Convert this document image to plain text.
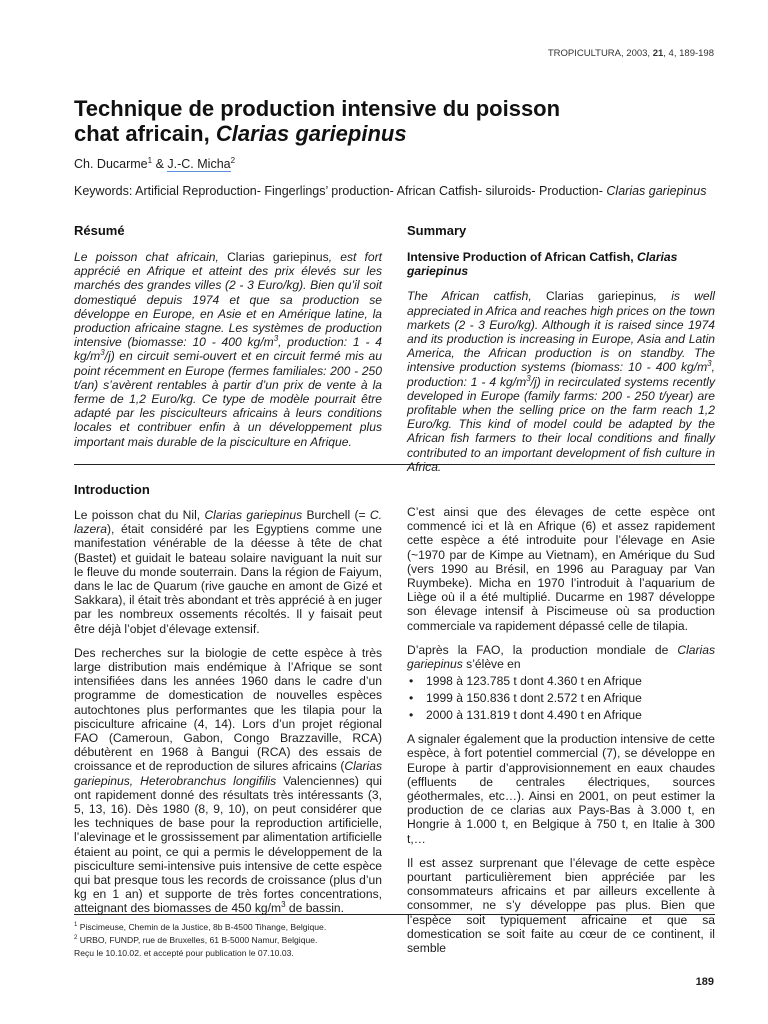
TROPICULTURA, 2003, 21, 4, 189-198
Technique de production intensive du poisson
chat africain, Clarias gariepinus
Ch. Ducarme$^1$ & J.-C. Micha$^2$
Keywords: Artificial Reproduction- Fingerlings’ production- African Catfish- siluroids- Production- Clarias gariepinus
Résumé

Le poisson chat africain, Clarias gariepinus, est fort apprécié en Afrique et atteint des prix élevés sur les marchés des grandes villes (2 - 3 Euro/kg). Bien qu’il soit domestiqué depuis 1974 et que sa production se développe en Europe, en Asie et en Amérique latine, la production africaine stagne. Les systèmes de production intensive (biomasse: 10 - 400 $kg/m^3$, production: 1 - 4 $kg/m^3/j$) en circuit semi-ouvert et en circuit fermé mis au point récemment en Europe (fermes familiales: 200 - 250 t/an) s’avèrent rentables à partir d’un prix de vente à la ferme de 1,2 Euro/kg. Ce type de modèle pourrait être adapté par les pisciculteurs africains à leurs conditions locales et contribuer enfin à un développement plus important mais durable de la pisciculture en Afrique.

Summary
Intensive Production of African Catfish, Clarias gariepinus

The African catfish, Clarias gariepinus, is well appreciated in Africa and reaches high prices on the town markets (2 - 3 Euro/kg). Although it is raised since 1974 and its production is increasing in Europe, Asia and Latin America, the African production is on standby. The intensive production systems (biomass: 10 - 400 $kg/m^3$, production: 1 - 4 $kg/m^3/j$) in recirculated systems recently developed in Europe (family farms: 200 - 250 t/year) are profitable when the selling price on the farm reach 1,2 Euro/kg. This kind of model could be adapted by the African fish farmers to their local conditions and finally contributed to an important development of fish culture in Africa.

Introduction

Le poisson chat du Nil, Clarias gariepinus Burchell (= C. lazera), était considéré par les Egyptiens comme une manifestation vénérable de la déesse à tête de chat (Bastet) et guidait le bateau solaire naviguant la nuit sur le fleuve du monde souterrain. Dans la région de Faiyum, dans le lac de Quarum (rive gauche en amont de Gizé et Sakkara), il était très abondant et très apprécié à en juger par les nombreux ossements récoltés. Il y faisait peut être déjà l’objet d’élevage extensif.

Des recherches sur la biologie de cette espèce à très large distribution mais endémique à l’Afrique se sont intensifiées dans les années 1960 dans le cadre d’un programme de domestication de nouvelles espèces autochtones plus performantes que les tilapia pour la pisciculture africaine (4, 14). Lors d’un projet régional FAO (Cameroun, Gabon, Congo Brazzaville, RCA) débutèrent en 1968 à Bangui (RCA) des essais de croissance et de reproduction de silures africains (Clarias gariepinus, Heterobranchus longifilis Valenciennes) qui ont rapidement donné des résultats très intéressants (3, 5, 13, 16). Dès 1980 (8, 9, 10), on peut considérer que les techniques de base pour la reproduction artificielle, l’alevinage et le grossissement par alimentation artificielle étaient au point, ce qui a permis le développement de la pisciculture semi-intensive puis intensive de cette espèce qui bat presque tous les records de croissance (plus d’un kg en 1 an) et supporte de très fortes concentrations, atteignant des biomasses de 450 $kg/m^3$ de bassin.

C’est ainsi que des élevages de cette espèce ont commencé ici et là en Afrique (6) et assez rapidement cette espèce a été introduite pour l’élevage en Asie (~1970 par de Kimpe au Vietnam), en Amérique du Sud (vers 1990 au Brésil, en 1996 au Paraguay par Van Ruymbeke). Micha en 1970 l’introduit à l’aquarium de Liège où il a été multiplié. Ducarme en 1987 développe son élevage intensif à Piscimeuse où sa production commerciale va rapidement dépassé celle de tilapia.

D’après la FAO, la production mondiale de Clarias gariepinus s’élève en

• 1998 à 123.785 t dont 4.360 t en Afrique
• 1999 à 150.836 t dont 2.572 t en Afrique
• 2000 à 131.819 t dont 4.490 t en Afrique

A signaler également que la production intensive de cette espèce, à fort potentiel commercial (7), se développe en Europe à partir d’approvisionnement en eaux chaudes (effluents de centrales électriques, sources géothermales, etc…). Ainsi en 2001, on peut estimer la production de ce clarias aux Pays-Bas à 3.000 t, en Hongrie à 1.000 t, en Belgique à 750 t, en Italie à 300 t,…

Il est assez surprenant que l’élevage de cette espèce pourtant particulièrement bien appréciée par les consommateurs africains et par ailleurs excellente à consommer, ne s’y développe pas plus. Bien que l’espèce soit typiquement africaine et que sa domestication se soit faite au cœur de ce continent, il semble

$^1$ Piscimeuse, Chemin de la Justice, 8b B-4500 Tihange, Belgique.
$^2$ URBO, FUNDP, rue de Bruxelles, 61 B-5000 Namur, Belgique.
Reçu le 10.10.02. et accepté pour publication le 07.10.03.
189
